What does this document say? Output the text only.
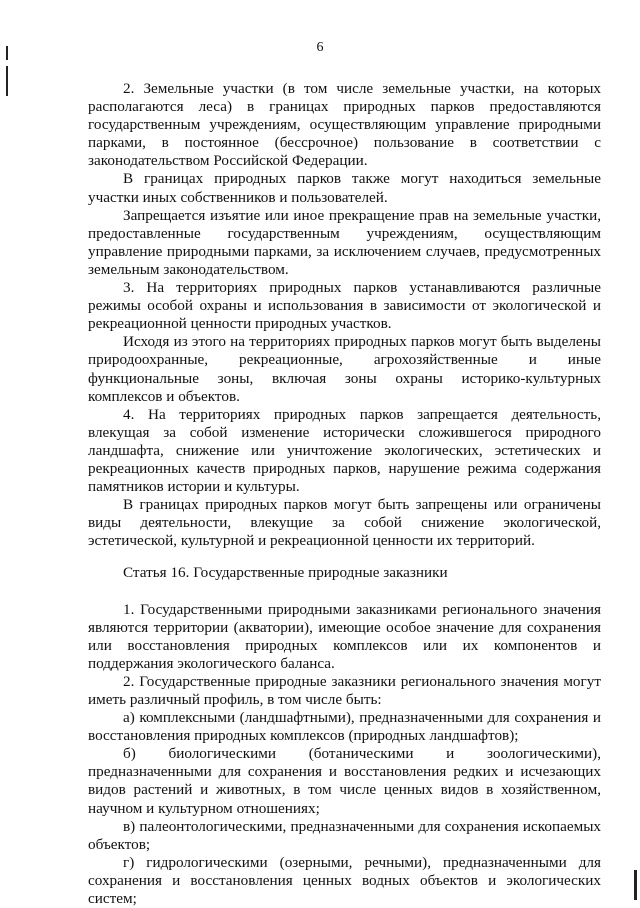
6

2. Земельные участки (в том числе земельные участки, на которых располагаются леса) в границах природных парков предоставляются государственным учреждениям, осуществляющим управление природными парками, в постоянное (бессрочное) пользование в соответствии с законодательством Российской Федерации.

В границах природных парков также могут находиться земельные участки иных собственников и пользователей.

Запрещается изъятие или иное прекращение прав на земельные участки, предоставленные государственным учреждениям, осуществляющим управление природными парками, за исключением случаев, предусмотренных земельным законодательством.

3. На территориях природных парков устанавливаются различные режимы особой охраны и использования в зависимости от экологической и рекреационной ценности природных участков.

Исходя из этого на территориях природных парков могут быть выделены природоохранные, рекреационные, агрохозяйственные и иные функциональные зоны, включая зоны охраны историко-культурных комплексов и объектов.

4. На территориях природных парков запрещается деятельность, влекущая за собой изменение исторически сложившегося природного ландшафта, снижение или уничтожение экологических, эстетических и рекреационных качеств природных парков, нарушение режима содержания памятников истории и культуры.

В границах природных парков могут быть запрещены или ограничены виды деятельности, влекущие за собой снижение экологической, эстетической, культурной и рекреационной ценности их территорий.

Статья 16. Государственные природные заказники

1. Государственными природными заказниками регионального значения являются территории (акватории), имеющие особое значение для сохранения или восстановления природных комплексов или их компонентов и поддержания экологического баланса.

2. Государственные природные заказники регионального значения могут иметь различный профиль, в том числе быть:

а) комплексными (ландшафтными), предназначенными для сохранения и восстановления природных комплексов (природных ландшафтов);

б) биологическими (ботаническими и зоологическими), предназначенными для сохранения и восстановления редких и исчезающих видов растений и животных, в том числе ценных видов в хозяйственном, научном и культурном отношениях;

в) палеонтологическими, предназначенными для сохранения ископаемых объектов;

г) гидрологическими (озерными, речными), предназначенными для сохранения и восстановления ценных водных объектов и экологических систем;
